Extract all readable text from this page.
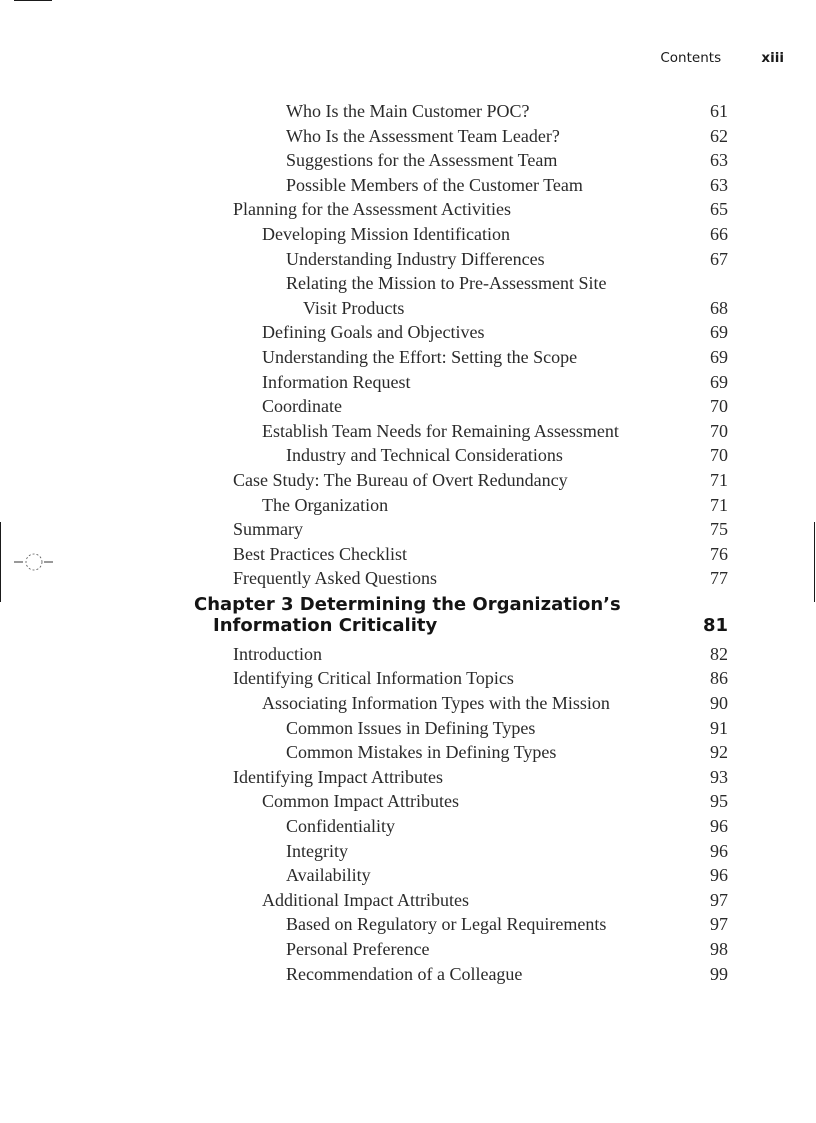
Contents	xiii
Who Is the Main Customer POC?	61
Who Is the Assessment Team Leader?	62
Suggestions for the Assessment Team	63
Possible Members of the Customer Team	63
Planning for the Assessment Activities	65
Developing Mission Identification	66
Understanding Industry Differences	67
Relating the Mission to Pre-Assessment Site
Visit Products	68
Defining Goals and Objectives	69
Understanding the Effort: Setting the Scope	69
Information Request	69
Coordinate	70
Establish Team Needs for Remaining Assessment	70
Industry and Technical Considerations	70
Case Study: The Bureau of Overt Redundancy	71
The Organization	71
Summary	75
Best Practices Checklist	76
Frequently Asked Questions	77
Chapter 3 Determining the Organization’s
Information Criticality	81
Introduction	82
Identifying Critical Information Topics	86
Associating Information Types with the Mission	90
Common Issues in Defining Types	91
Common Mistakes in Defining Types	92
Identifying Impact Attributes	93
Common Impact Attributes	95
Confidentiality	96
Integrity	96
Availability	96
Additional Impact Attributes	97
Based on Regulatory or Legal Requirements	97
Personal Preference	98
Recommendation of a Colleague	99
